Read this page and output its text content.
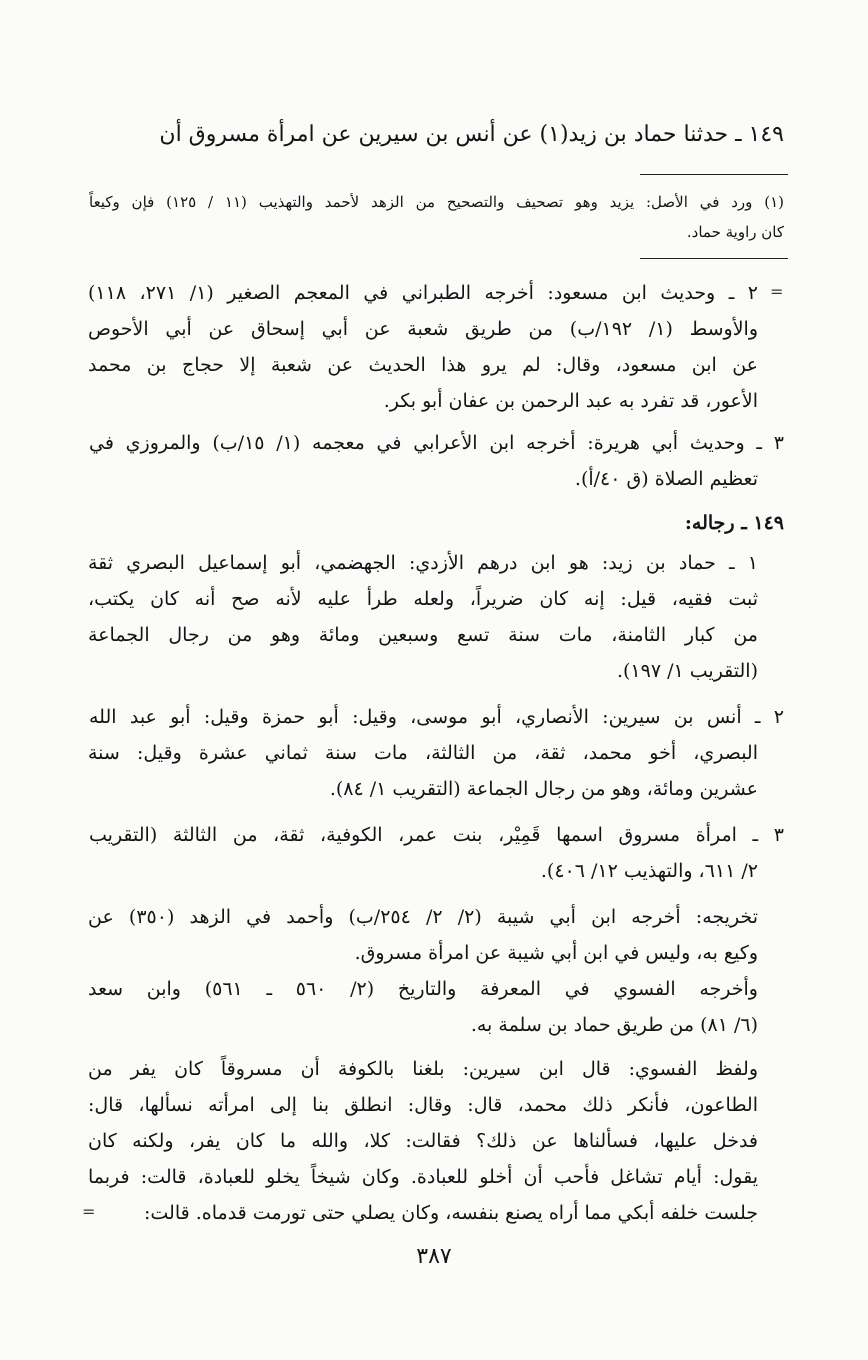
١٤٩ ـ حدثنا حماد بن زيد(١) عن أنس بن سيرين عن امرأة مسروق أن
(١) ورد في الأصل: يزيد وهو تصحيف والتصحيح من الزهد لأحمد والتهذيب (١١ / ١٢٥) فإن وكيعاً
كان راوية حماد.
=
٢ ـ وحديث ابن مسعود: أخرجه الطبراني في المعجم الصغير (١/ ٢٧١، ١١٨)
والأوسط (١/ ١٩٢/ب) من طريق شعبة عن أبي إسحاق عن أبي الأحوص
عن ابن مسعود، وقال: لم يرو هذا الحديث عن شعبة إلا حجاج بن محمد
الأعور، قد تفرد به عبد الرحمن بن عفان أبو بكر.
٣ ـ وحديث أبي هريرة: أخرجه ابن الأعرابي في معجمه (١/ ١٥/ب) والمروزي في
تعظيم الصلاة (ق ٤٠/أ).
١٤٩ ـ رجاله:
١ ـ حماد بن زيد: هو ابن درهم الأزدي: الجهضمي، أبو إسماعيل البصري ثقة
ثبت فقيه، قيل: إنه كان ضريراً، ولعله طرأ عليه لأنه صح أنه كان يكتب،
من كبار الثامنة، مات سنة تسع وسبعين ومائة وهو من رجال الجماعة
(التقريب ١/ ١٩٧).
٢ ـ أنس بن سيرين: الأنصاري، أبو موسى، وقيل: أبو حمزة وقيل: أبو عبد الله
البصري، أخو محمد، ثقة، من الثالثة، مات سنة ثماني عشرة وقيل: سنة
عشرين ومائة، وهو من رجال الجماعة (التقريب ١/ ٨٤).
٣ ـ امرأة مسروق اسمها قَمِيْر، بنت عمر، الكوفية، ثقة، من الثالثة (التقريب
٢/ ٦١١، والتهذيب ١٢/ ٤٠٦).
تخريجه: أخرجه ابن أبي شيبة (٢/ ٢/ ٢٥٤/ب) وأحمد في الزهد (٣٥٠) عن
وكيع به، وليس في ابن أبي شيبة عن امرأة مسروق.
وأخرجه الفسوي في المعرفة والتاريخ (٢/ ٥٦٠ ـ ٥٦١) وابن سعد
(٦/ ٨١) من طريق حماد بن سلمة به.
ولفظ الفسوي: قال ابن سيرين: بلغنا بالكوفة أن مسروقاً كان يفر من
الطاعون، فأنكر ذلك محمد، قال: وقال: انطلق بنا إلى امرأته نسألها، قال:
فدخل عليها، فسألناها عن ذلك؟ فقالت: كلا، والله ما كان يفر، ولكنه كان
يقول: أيام تشاغل فأحب أن أخلو للعبادة. وكان شيخاً يخلو للعبادة، قالت: فربما
جلست خلفه أبكي مما أراه يصنع بنفسه، وكان يصلي حتى تورمت قدماه. قالت:
=
٣٨٧
